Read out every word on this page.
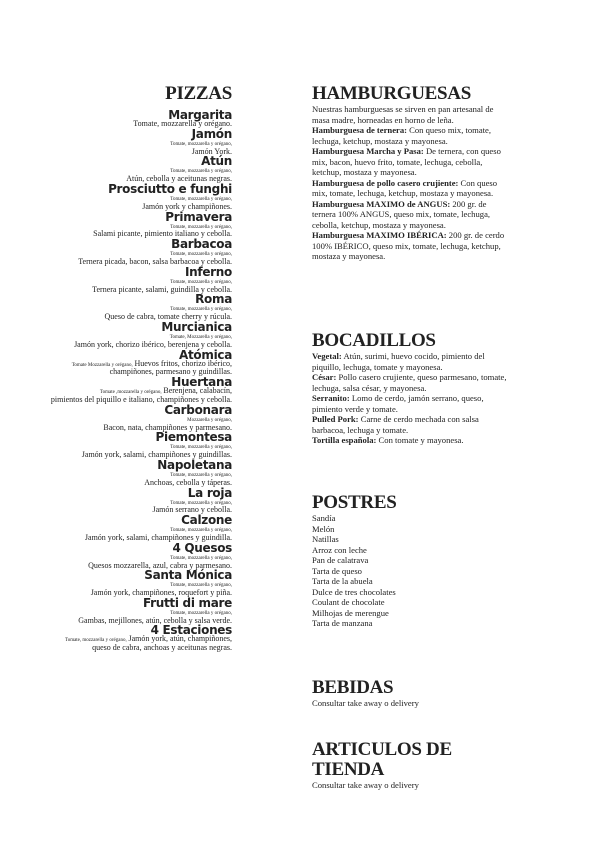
PIZZAS
Margarita
Tomate, mozzarella y orégano.
Jamón
Tomate, mozzarella y orégano,
Jamón York.
Atún
Tomate, mozzarella y orégano,
Atún, cebolla y aceitunas negras.
Prosciutto e funghi
Tomate, mozzarella y orégano,
Jamón york y champiñones.
Primavera
Tomate, mozzarella y orégano,
Salami picante, pimiento italiano y cebolla.
Barbacoa
Tomate, mozzarella y orégano,
Ternera picada, bacon, salsa barbacoa y cebolla.
Inferno
Tomate, mozzarella y orégano,
Ternera picante, salami, guindilla y cebolla.
Roma
Tomate, mozzarella y orégano,
Queso de cabra, tomate cherry y rúcula.
Murcianica
Tomate, Mozzarella y orégano,
Jamón york, chorizo ibérico, berenjena y cebolla.
Atómica
Tomate Mozzarella y orégano, Huevos fritos, chorizo ibérico,
champiñones, parmesano y guindillas.
Huertana
Tomate ,mozzarella y orégano, Berenjena, calabacín,
pimientos del piquillo e italiano, champiñones y cebolla.
Carbonara
Mozzarella y orégano,
Bacon, nata, champiñones y parmesano.
Piemontesa
Tomate, mozzarella y orégano,
Jamón york, salami, champiñones y guindillas.
Napoletana
Tomate, mozzarella y orégano,
Anchoas, cebolla y táperas.
La roja
Tomate, mozzarella y orégano,
Jamón serrano y cebolla.
Calzone
Tomate, mozzarella y orégano,
Jamón york, salami, champiñones y guindilla.
4 Quesos
Tomate, mozzarella y orégano,
Quesos mozzarella, azul, cabra y parmesano.
Santa Mónica
Tomate, mozzarella y orégano,
Jamón york, champiñones, roquefort y piña.
Frutti di mare
Tomate, mozzarella y orégano,
Gambas, mejillones, atún, cebolla y salsa verde.
4 Estaciones
Tomate, mozzarella y orégano, Jamón york, atún, champiñones,
queso de cabra, anchoas y aceitunas negras.
HAMBURGUESAS
Nuestras hamburguesas se sirven en pan artesanal de masa madre, horneadas en horno de leña.
Hamburguesa de ternera: Con queso mix, tomate, lechuga, ketchup, mostaza y mayonesa.
Hamburguesa Marcha y Pasa: De ternera, con queso mix, bacon, huevo frito, tomate, lechuga, cebolla, ketchup, mostaza y mayonesa.
Hamburguesa de pollo casero crujiente: Con queso mix, tomate, lechuga, ketchup, mostaza y mayonesa.
Hamburguesa MAXIMO de ANGUS: 200 gr. de ternera 100% ANGUS, queso mix, tomate, lechuga, cebolla, ketchup, mostaza y mayonesa.
Hamburguesa MAXIMO IBÉRICA: 200 gr. de cerdo 100% IBÉRICO, queso mix, tomate, lechuga, ketchup, mostaza y mayonesa.
BOCADILLOS
Vegetal: Atún, surimi, huevo cocido, pimiento del piquillo, lechuga, tomate y mayonesa.
César: Pollo casero crujiente, queso parmesano, tomate, lechuga, salsa césar, y mayonesa.
Serranito: Lomo de cerdo, jamón serrano, queso, pimiento verde y tomate.
Pulled Pork: Carne de cerdo mechada con salsa barbacoa, lechuga y tomate.
Tortilla española: Con tomate y mayonesa.
POSTRES
Sandía
Melón
Natillas
Arroz con leche
Pan de calatrava
Tarta de queso
Tarta de la abuela
Dulce de tres chocolates
Coulant de chocolate
Milhojas de merengue
Tarta de manzana
BEBIDAS
Consultar take away o delivery
ARTICULOS DE TIENDA
Consultar take away o delivery
